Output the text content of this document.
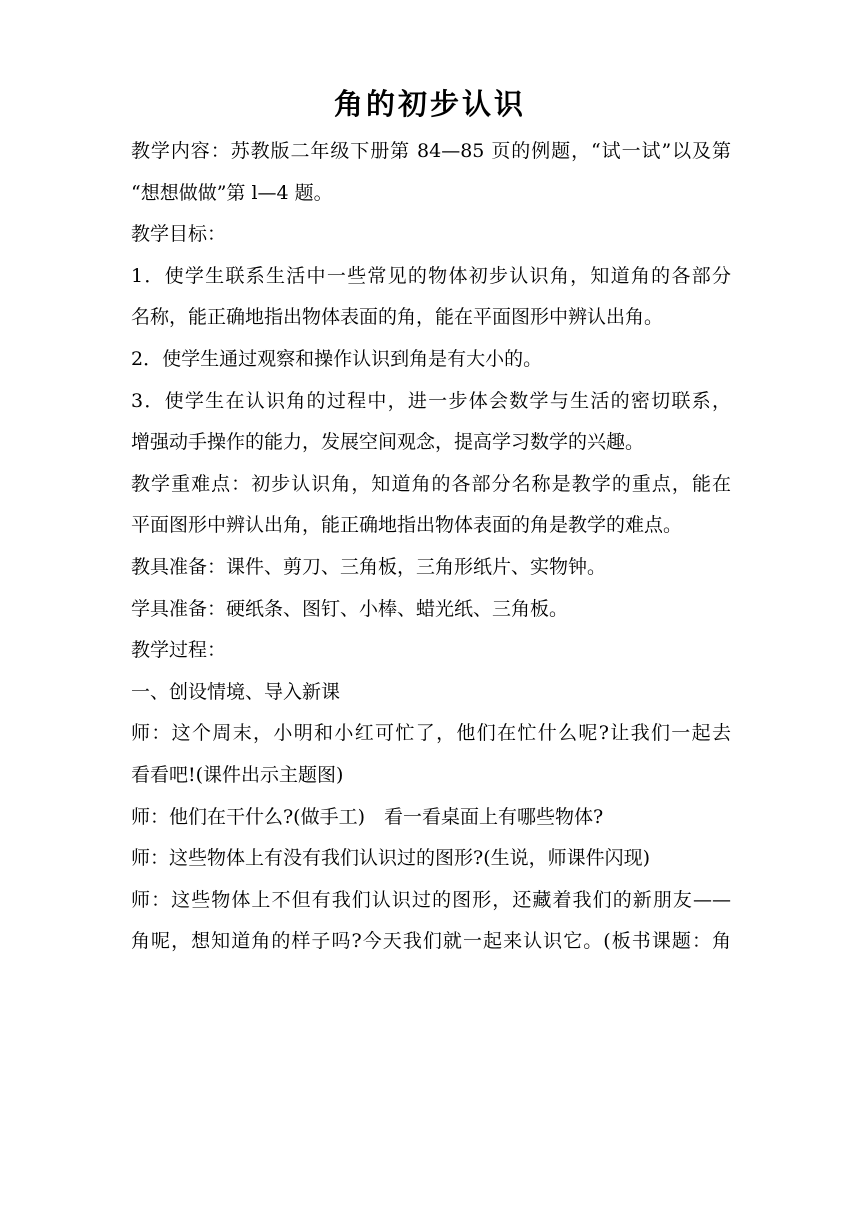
角的初步认识
教学内容：苏教版二年级下册第 84—85 页的例题，“试一试”以及第
“想想做做”第 l—4 题。
教学目标：
1．使学生联系生活中一些常见的物体初步认识角，知道角的各部分
名称，能正确地指出物体表面的角，能在平面图形中辨认出角。
2．使学生通过观察和操作认识到角是有大小的。
3．使学生在认识角的过程中，进一步体会数学与生活的密切联系，
增强动手操作的能力，发展空间观念，提高学习数学的兴趣。
教学重难点：初步认识角，知道角的各部分名称是教学的重点，能在
平面图形中辨认出角，能正确地指出物体表面的角是教学的难点。
教具准备：课件、剪刀、三角板，三角形纸片、实物钟。
学具准备：硬纸条、图钉、小棒、蜡光纸、三角板。
教学过程：
一、创设情境、导入新课
师：这个周末，小明和小红可忙了，他们在忙什么呢?让我们一起去
看看吧!(课件出示主题图)
师：他们在干什么?(做手工)　看一看桌面上有哪些物体?
师：这些物体上有没有我们认识过的图形?(生说，师课件闪现)
师：这些物体上不但有我们认识过的图形，还藏着我们的新朋友——
角呢，想知道角的样子吗?今天我们就一起来认识它。(板书课题：角
